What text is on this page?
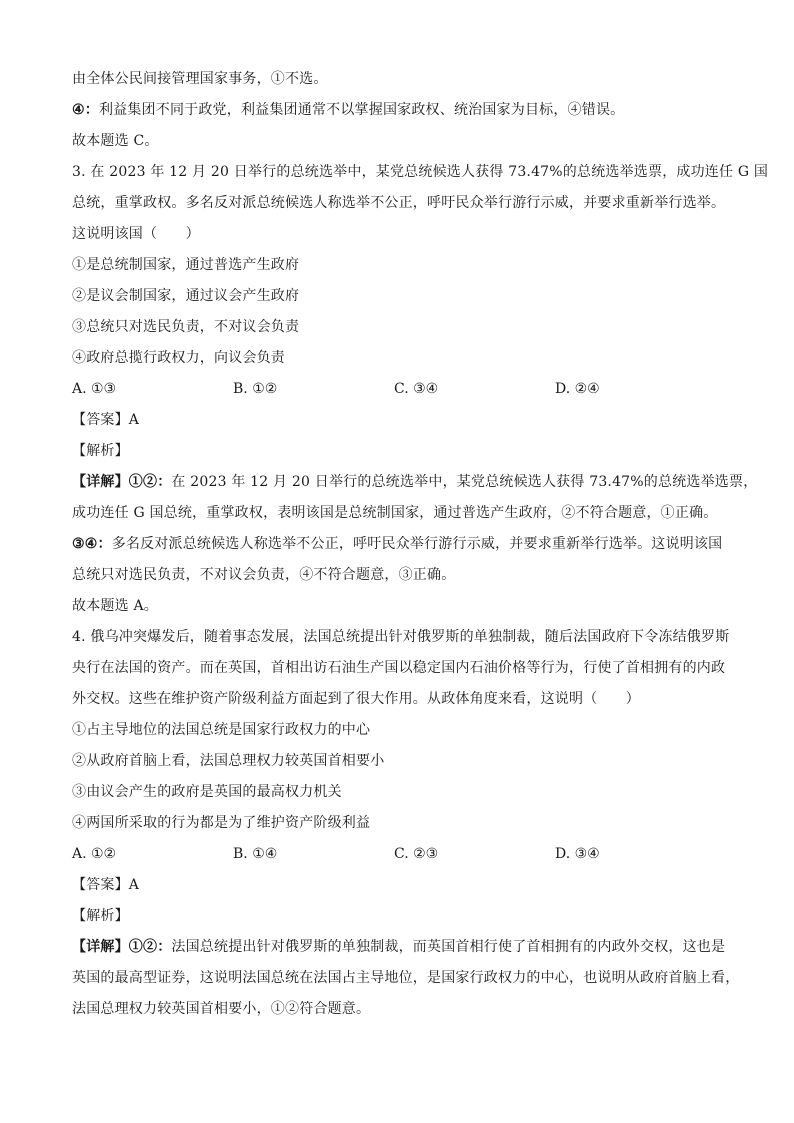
由全体公民间接管理国家事务，①不选。
④：利益集团不同于政党，利益集团通常不以掌握国家政权、统治国家为目标，④错误。
故本题选 C。
3. 在 2023 年 12 月 20 日举行的总统选举中，某党总统候选人获得 73.47%的总统选举选票，成功连任 G 国
总统，重掌政权。多名反对派总统候选人称选举不公正，呼吁民众举行游行示威，并要求重新举行选举。
这说明该国（　　）
①是总统制国家，通过普选产生政府
②是议会制国家，通过议会产生政府
③总统只对选民负责，不对议会负责
④政府总揽行政权力，向议会负责
A. ①③	B. ①②	C. ③④	D. ②④
【答案】A
【解析】
【详解】①②：在 2023 年 12 月 20 日举行的总统选举中，某党总统候选人获得 73.47%的总统选举选票，
成功连任 G 国总统，重掌政权，表明该国是总统制国家，通过普选产生政府，②不符合题意，①正确。
③④：多名反对派总统候选人称选举不公正，呼吁民众举行游行示威，并要求重新举行选举。这说明该国
总统只对选民负责，不对议会负责，④不符合题意，③正确。
故本题选 A。
4. 俄乌冲突爆发后，随着事态发展，法国总统提出针对俄罗斯的单独制裁，随后法国政府下令冻结俄罗斯
央行在法国的资产。而在英国，首相出访石油生产国以稳定国内石油价格等行为，行使了首相拥有的内政
外交权。这些在维护资产阶级利益方面起到了很大作用。从政体角度来看，这说明（　　）
①占主导地位的法国总统是国家行政权力的中心
②从政府首脑上看，法国总理权力较英国首相要小
③由议会产生的政府是英国的最高权力机关
④两国所采取的行为都是为了维护资产阶级利益
A. ①②	B. ①④	C. ②③	D. ③④
【答案】A
【解析】
【详解】①②：法国总统提出针对俄罗斯的单独制裁，而英国首相行使了首相拥有的内政外交权，这也是
英国的最高型证券，这说明法国总统在法国占主导地位，是国家行政权力的中心，也说明从政府首脑上看，
法国总理权力较英国首相要小，①②符合题意。
